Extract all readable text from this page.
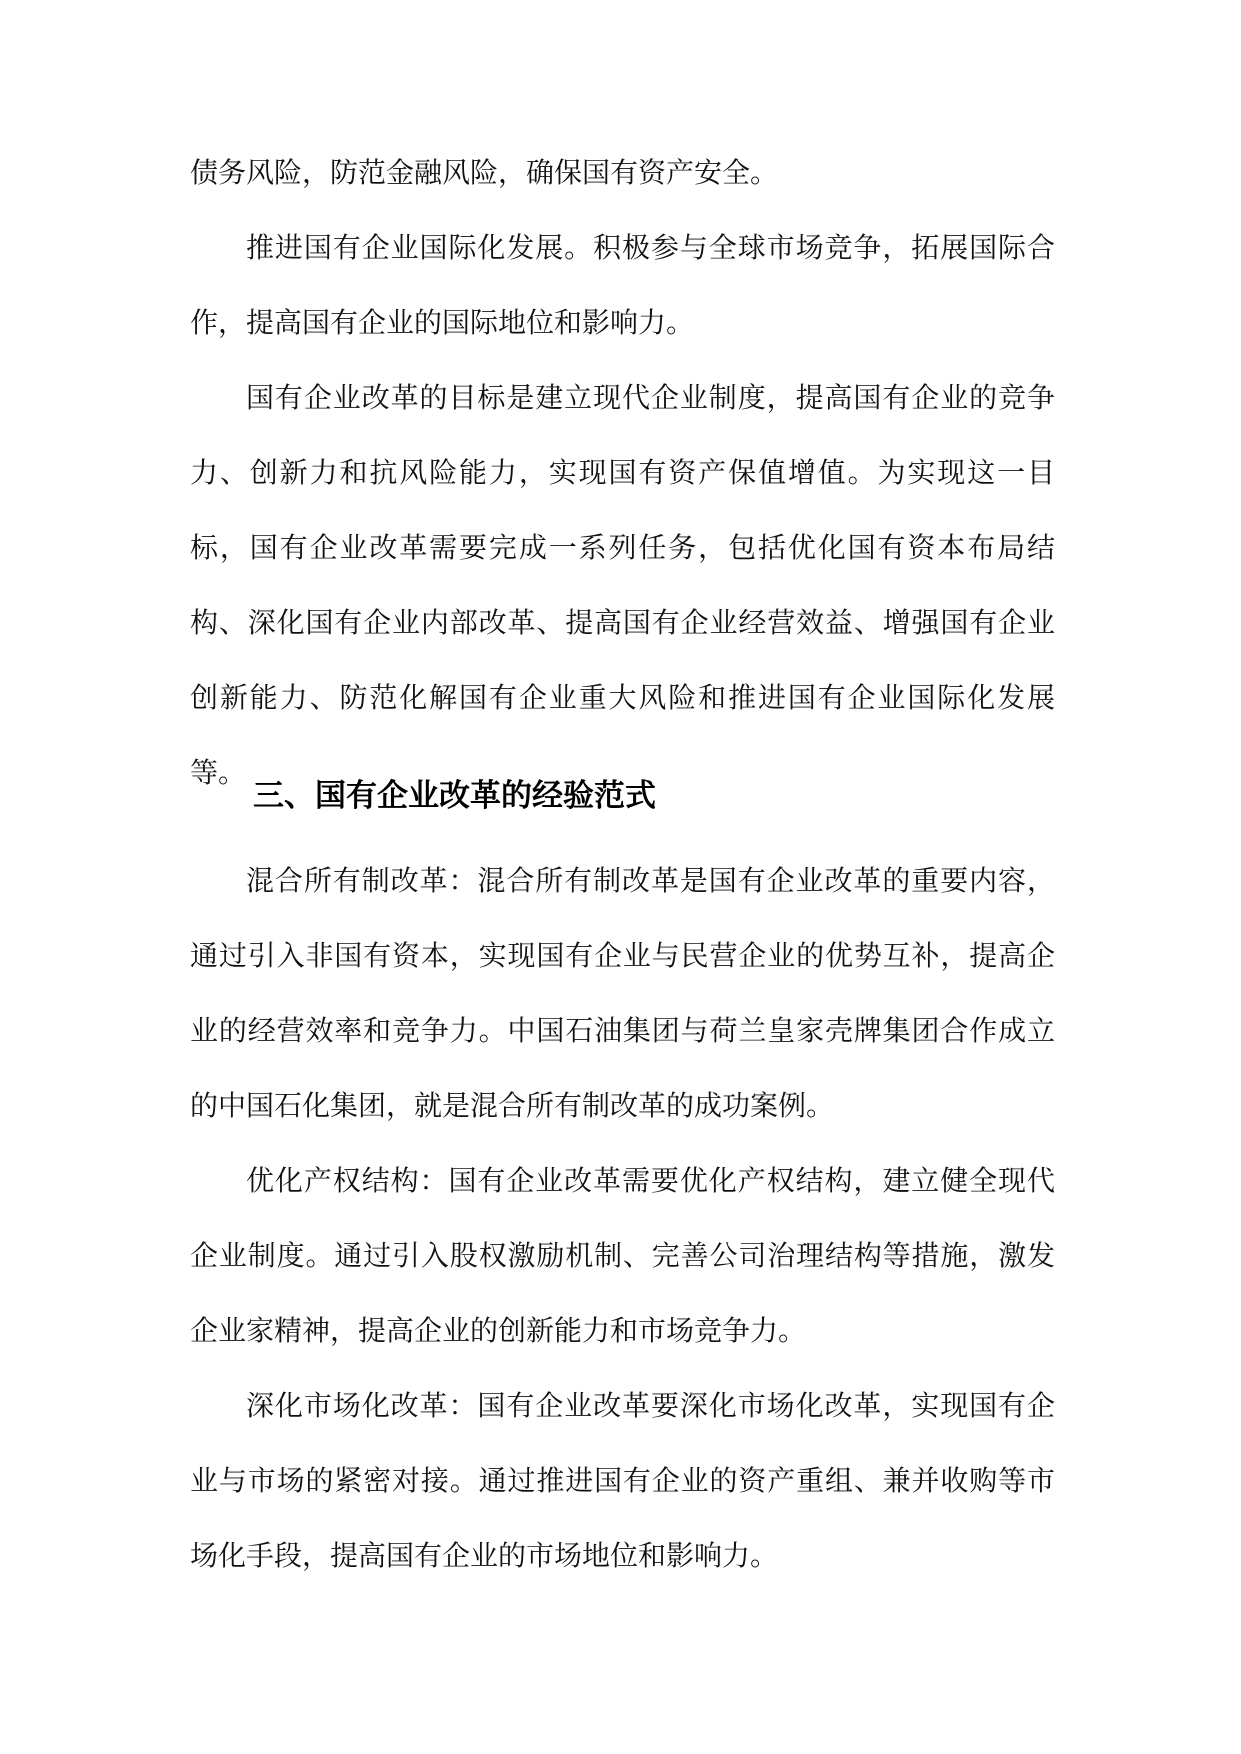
债务风险，防范金融风险，确保国有资产安全。

推进国有企业国际化发展。积极参与全球市场竞争，拓展国际合作，提高国有企业的国际地位和影响力。

国有企业改革的目标是建立现代企业制度，提高国有企业的竞争力、创新力和抗风险能力，实现国有资产保值增值。为实现这一目标，国有企业改革需要完成一系列任务，包括优化国有资本布局结构、深化国有企业内部改革、提高国有企业经营效益、增强国有企业创新能力、防范化解国有企业重大风险和推进国有企业国际化发展等。

三、国有企业改革的经验范式

混合所有制改革：混合所有制改革是国有企业改革的重要内容，通过引入非国有资本，实现国有企业与民营企业的优势互补，提高企业的经营效率和竞争力。中国石油集团与荷兰皇家壳牌集团合作成立的中国石化集团，就是混合所有制改革的成功案例。

优化产权结构：国有企业改革需要优化产权结构，建立健全现代企业制度。通过引入股权激励机制、完善公司治理结构等措施，激发企业家精神，提高企业的创新能力和市场竞争力。

深化市场化改革：国有企业改革要深化市场化改革，实现国有企业与市场的紧密对接。通过推进国有企业的资产重组、兼并收购等市场化手段，提高国有企业的市场地位和影响力。
